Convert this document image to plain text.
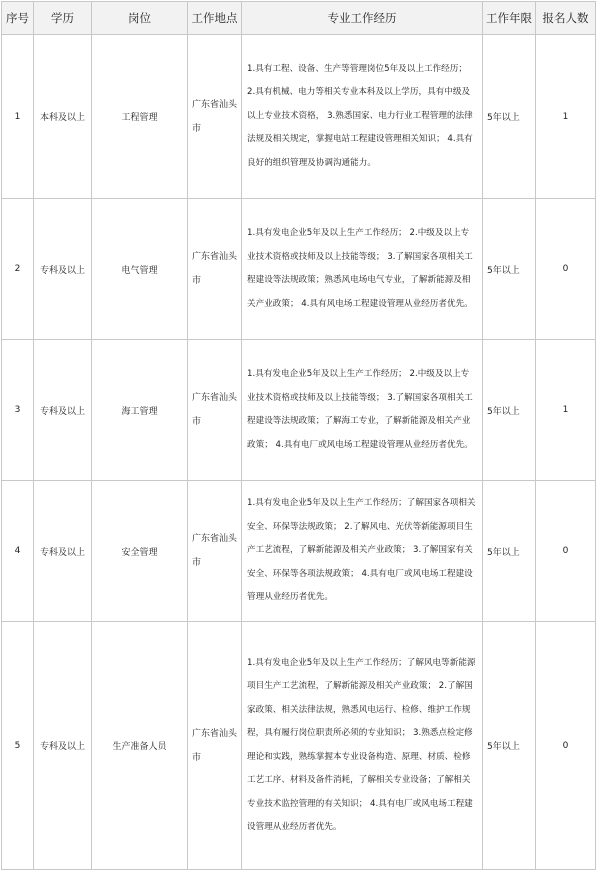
序号	学历	岗位	工作地点	专业工作经历	工作年限	报名人数
1	本科及以上	工程管理	广东省汕头市	1.具有工程、设备、生产等管理岗位5年及以上工作经历； 2.具有机械、电力等相关专业本科及以上学历，具有中级及以上专业技术资格， 3.熟悉国家、电力行业工程管理的法律法规及相关规定，掌握电站工程建设管理相关知识； 4.具有良好的组织管理及协调沟通能力。	5年以上	1
2	专科及以上	电气管理	广东省汕头市	1.具有发电企业5年及以上生产工作经历； 2.中级及以上专业技术资格或技师及以上技能等级； 3.了解国家各项相关工程建设等法规政策；熟悉风电场电气专业，了解新能源及相关产业政策； 4.具有风电场工程建设管理从业经历者优先。	5年以上	0
3	专科及以上	海工管理	广东省汕头市	1.具有发电企业5年及以上生产工作经历； 2.中级及以上专业技术资格或技师及以上技能等级； 3.了解国家各项相关工程建设等法规政策；了解海工专业，了解新能源及相关产业政策； 4.具有电厂或风电场工程建设管理从业经历者优先。	5年以上	1
4	专科及以上	安全管理	广东省汕头市	1.具有发电企业5年及以上生产工作经历；了解国家各项相关安全、环保等法规政策； 2.了解风电、光伏等新能源项目生产工艺流程，了解新能源及相关产业政策； 3.了解国家有关安全、环保等各项法规政策； 4.具有电厂或风电场工程建设管理从业经历者优先。	5年以上	0
5	专科及以上	生产准备人员	广东省汕头市	1.具有发电企业5年及以上生产工作经历；了解风电等新能源项目生产工艺流程，了解新能源及相关产业政策； 2.了解国家政策、相关法律法规，熟悉风电运行、检修、维护工作规程，具有履行岗位职责所必须的专业知识； 3.熟悉点检定修理论和实践，熟练掌握本专业设备构造、原理、材质、检修工艺工序、材料及备件消耗，了解相关专业设备；了解相关专业技术监控管理的有关知识； 4.具有电厂或风电场工程建设管理从业经历者优先。	5年以上	0
